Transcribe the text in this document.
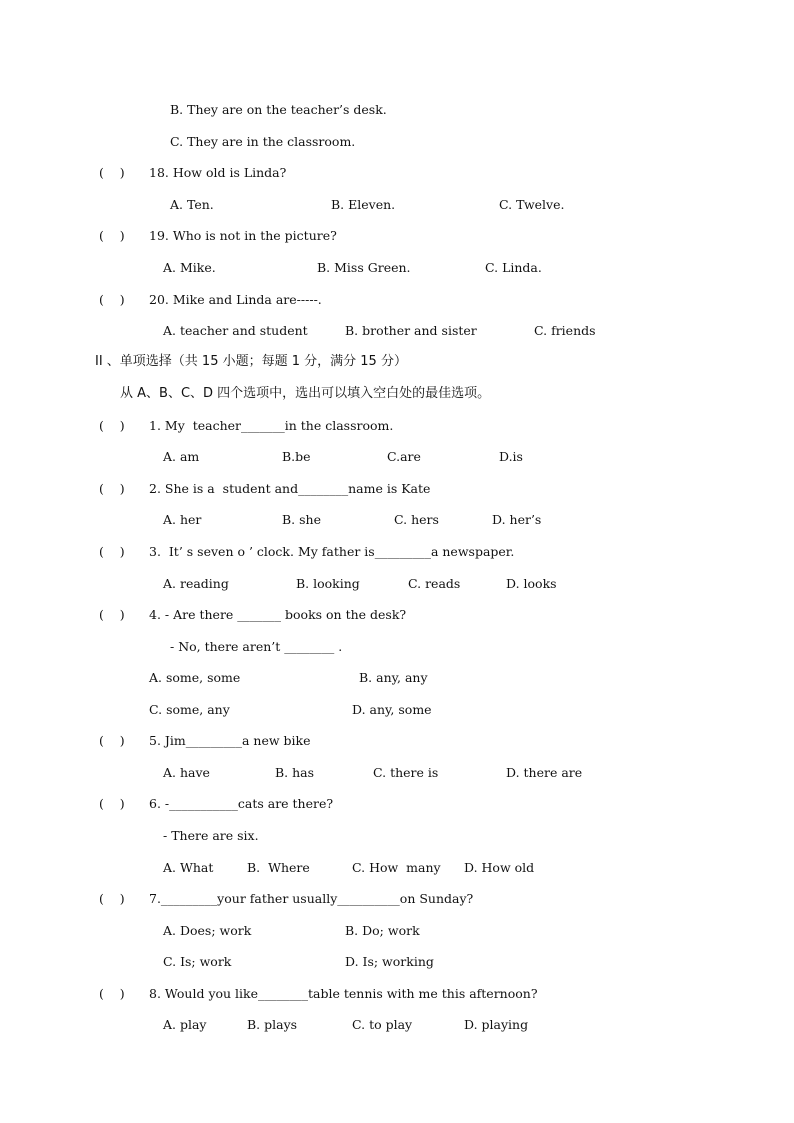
B. They are on the teacher’s desk.
C. They are in the classroom.
(    ) 18. How old is Linda?
A. Ten.	B. Eleven.	C. Twelve.
(    ) 19. Who is not in the picture?
A. Mike.	B. Miss Green.	C. Linda.
(    ) 20. Mike and Linda are-----.
A. teacher and student	B. brother and sister	C. friends
II 、单项选择（共 15 小题；每题 1 分，满分 15 分）
从 A、B、C、D 四个选项中，选出可以填入空白处的最佳选项。
(    ) 1. My  teacher_______in the classroom.
A. am	B.be	C.are	D.is
(    ) 2. She is a  student and________name is Kate
A. her	B. she	C. hers	D. her’s
(    ) 3.  It’ s seven o ’ clock. My father is_________a newspaper.
A. reading	B. looking	C. reads	D. looks
(    ) 4. - Are there _______ books on the desk?
- No, there aren’t ________ .
A. some, some	B. any, any
C. some, any	D. any, some
(    ) 5. Jim_________a new bike
A. have	B. has	C. there is	D. there are
(    ) 6. -___________cats are there?
- There are six.
A. What	B.  Where	C. How  many D. How old
(    ) 7._________your father usually__________on Sunday?
A. Does; work	B. Do; work
C. Is; work	D. Is; working
(    ) 8. Would you like________table tennis with me this afternoon?
A. play	B. plays	C. to play	D. playing
